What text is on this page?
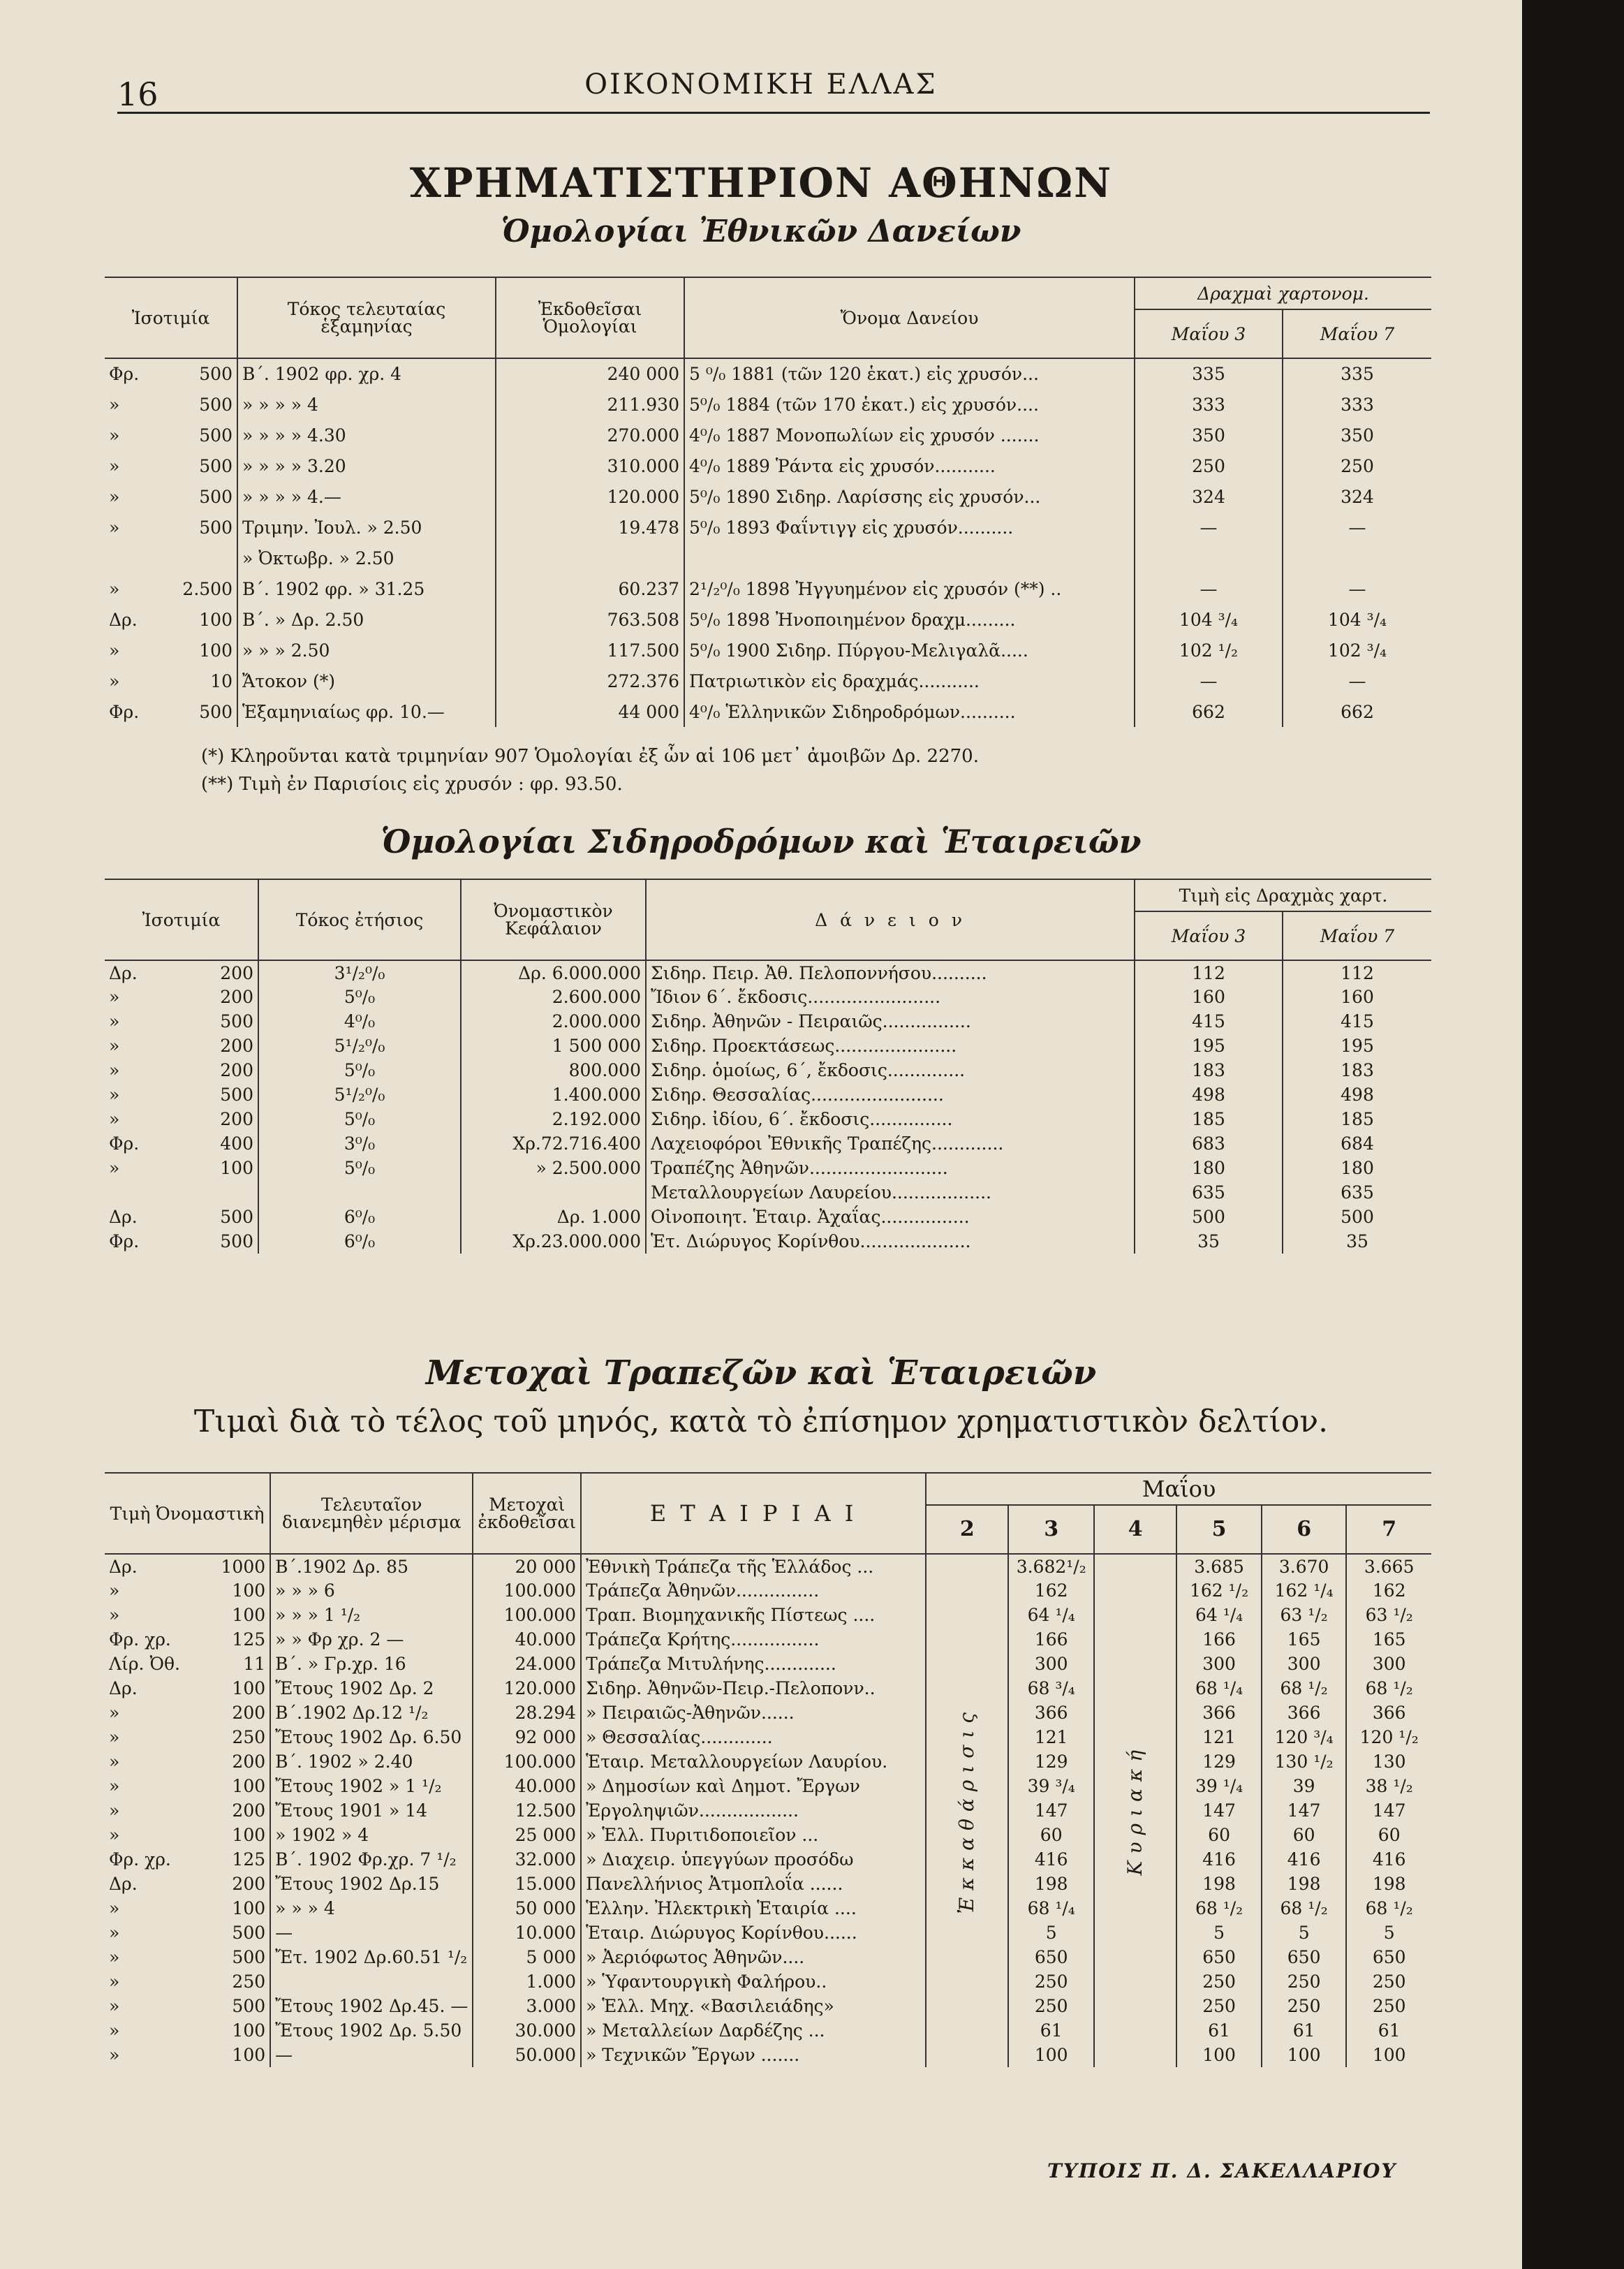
16	ΟΙΚΟΝΟΜΙΚΗ ΕΛΛΑΣ
ΧΡΗΜΑΤΙΣΤΗΡΙΟΝ ΑΘΗΝΩΝ
Ὁμολογίαι Ἐθνικῶν Δανείων
Ἰσοτιμία		Τόκος τελευταίας ἑξαμηνίας	Ἐκδοθεῖσαι Ὁμολογίαι	Ὄνομα Δανείου	Δραχμαὶ χαρτονομ.	
					Μαΐου 3	Μαΐου 7
Φρ.	500	Β΄. 1902 φρ. χρ. 4	240 000	5 ⁰/₀ 1881 (τῶν 120 ἑκατ.) εἰς χρυσόν...	335	335
»	500	» » » » 4	211.930	5⁰/₀ 1884 (τῶν 170 ἑκατ.) εἰς χρυσόν....	333	333
»	500	» » » » 4.30	270.000	4⁰/₀ 1887 Μονοπωλίων εἰς χρυσόν .......	350	350
»	500	» » » » 3.20	310.000	4⁰/₀ 1889 Ῥάντα εἰς χρυσόν...........	250	250
»	500	» » » » 4.—	120.000	5⁰/₀ 1890 Σιδηρ. Λαρίσσης εἰς χρυσόν...	324	324
»	500	Τριμην. Ἰουλ. » 2.50	19.478	5⁰/₀ 1893 Φαΐντιγγ εἰς χρυσόν..........	—	—
		» Ὀκτωβρ. » 2.50				
»	2.500	Β΄. 1902 φρ. » 31.25	60.237	2¹/₂⁰/₀ 1898 Ἠγγυημένον εἰς χρυσόν (**) ..	—	—
Δρ.	100	Β΄. » Δρ. 2.50	763.508	5⁰/₀ 1898 Ἠνοποιημένον δραχμ.........	104 ³/₄	104 ³/₄
»	100	» » » 2.50	117.500	5⁰/₀ 1900 Σιδηρ. Πύργου-Μελιγαλᾶ.....	102 ¹/₂	102 ³/₄
»	10	Ἄτοκον (*)	272.376	Πατριωτικὸν εἰς δραχμάς...........	—	—
Φρ.	500	Ἑξαμηνιαίως φρ. 10.—	44 000	4⁰/₀ Ἑλληνικῶν Σιδηροδρόμων..........	662	662
(*) Κληροῦνται κατὰ τριμηνίαν 907 Ὁμολογίαι ἐξ ὧν αἱ 106 μετ᾽ ἀμοιβῶν Δρ. 2270.
(**) Τιμὴ ἐν Παρισίοις εἰς χρυσόν : φρ. 93.50.
Ὁμολογίαι Σιδηροδρόμων καὶ Ἑταιρειῶν
Ἰσοτιμία		Τόκος ἐτήσιος	Ὀνομαστικὸν Κεφάλαιον	Δ ά ν ε ι ο ν	Τιμὴ εἰς Δραχμὰς χαρτ.	
					Μαΐου 3	Μαΐου 7
Δρ.	200	3¹/₂⁰/₀	Δρ. 6.000.000	Σιδηρ. Πειρ. Ἀθ. Πελοποννήσου..........	112	112
»	200	5⁰/₀	2.600.000	Ἴδιον 6΄. ἔκδοσις........................	160	160
»	500	4⁰/₀	2.000.000	Σιδηρ. Ἀθηνῶν - Πειραιῶς................	415	415
»	200	5¹/₂⁰/₀	1 500 000	Σιδηρ. Προεκτάσεως......................	195	195
»	200	5⁰/₀	800.000	Σιδηρ. ὁμοίως, 6΄, ἔκδοσις..............	183	183
»	500	5¹/₂⁰/₀	1.400.000	Σιδηρ. Θεσσαλίας........................	498	498
»	200	5⁰/₀	2.192.000	Σιδηρ. ἰδίου, 6΄. ἔκδοσις...............	185	185
Φρ.	400	3⁰/₀	Χρ.72.716.400	Λαχειοφόροι Ἐθνικῆς Τραπέζης.............	683	684
»	100	5⁰/₀	» 2.500.000	Τραπέζης Ἀθηνῶν.........................	180	180
				Μεταλλουργείων Λαυρείου..................	635	635
Δρ.	500	6⁰/₀	Δρ. 1.000	Οἰνοποιητ. Ἑταιρ. Ἀχαΐας................	500	500
Φρ.	500	6⁰/₀	Χρ.23.000.000	Ἑτ. Διώρυγος Κορίνθου....................	35	35
Μετοχαὶ Τραπεζῶν καὶ Ἑταιρειῶν
Τιμαὶ διὰ τὸ τέλος τοῦ μηνός, κατὰ τὸ ἐπίσημον χρηματιστικὸν δελτίον.
Τιμὴ Ὀνομαστικὴ		Τελευταῖον διανεμηθὲν μέρισμα	Μετοχαὶ ἐκδοθεῖσαι	Ε Τ Α Ι Ρ Ι Α Ι	Μαΐου					
					2	3	4	5	6	7
Δρ.	1000	Β΄.1902 Δρ. 85	20 000	Ἐθνικὴ Τράπεζα τῆς Ἑλλάδος ...	Ἐκκαθάρισις	3.682¹/₂	Κυριακή	3.685	3.670	3.665
»	100	» » » 6	100.000	Τράπεζα Ἀθηνῶν...............		162		162 ¹/₂	162 ¹/₄	162
»	100	» » » 1 ¹/₂	100.000	Τραπ. Βιομηχανικῆς Πίστεως ....		64 ¹/₄		64 ¹/₄	63 ¹/₂	63 ¹/₂
Φρ. χρ.	125	» » Φρ χρ. 2 —	40.000	Τράπεζα Κρήτης................		166		166	165	165
Λίρ. Ὀθ.	11	Β΄. » Γρ.χρ. 16	24.000	Τράπεζα Μιτυλήνης.............		300		300	300	300
Δρ.	100	Ἔτους 1902 Δρ. 2	120.000	Σιδηρ. Ἀθηνῶν-Πειρ.-Πελοπονν..		68 ³/₄		68 ¹/₄	68 ¹/₂	68 ¹/₂
»	200	Β΄.1902 Δρ.12 ¹/₂	28.294	» Πειραιῶς-Ἀθηνῶν......		366		366	366	366
»	250	Ἔτους 1902 Δρ. 6.50	92 000	» Θεσσαλίας.............		121		121	120 ³/₄	120 ¹/₂
»	200	Β΄. 1902 » 2.40	100.000	Ἑταιρ. Μεταλλουργείων Λαυρίου.		129		129	130 ¹/₂	130
»	100	Ἔτους 1902 » 1 ¹/₂	40.000	» Δημοσίων καὶ Δημοτ. Ἔργων		39 ³/₄		39 ¹/₄	39	38 ¹/₂
»	200	Ἔτους 1901 » 14	12.500	Ἐργοληψιῶν..................		147		147	147	147
»	100	» 1902 » 4	25 000	» Ἑλλ. Πυριτιδοποιεῖον ...		60		60	60	60
Φρ. χρ.	125	Β΄. 1902 Φρ.χρ. 7 ¹/₂	32.000	» Διαχειρ. ὑπεγγύων προσόδω		416		416	416	416
Δρ.	200	Ἔτους 1902 Δρ.15	15.000	Πανελλήνιος Ἀτμοπλοΐα ......		198		198	198	198
»	100	» » » 4	50 000	Ἑλλην. Ἠλεκτρικὴ Ἑταιρία ....		68 ¹/₄		68 ¹/₂	68 ¹/₂	68 ¹/₂
»	500	—	10.000	Ἑταιρ. Διώρυγος Κορίνθου......		5		5	5	5
»	500	Ἔτ. 1902 Δρ.60.51 ¹/₂	5 000	» Ἀεριόφωτος Ἀθηνῶν....		650		650	650	650
»	250		1.000	» Ὑφαντουργικὴ Φαλήρου..		250		250	250	250
»	500	Ἔτους 1902 Δρ.45. —	3.000	» Ἑλλ. Μηχ. «Βασιλειάδης»		250		250	250	250
»	100	Ἔτους 1902 Δρ. 5.50	30.000	» Μεταλλείων Δαρδέζης ...		61		61	61	61
»	100	—	50.000	» Τεχνικῶν Ἔργων .......		100		100	100	100
ΤΥΠΟΙΣ Π. Δ. ΣΑΚΕΛΛΑΡΙΟΥ
